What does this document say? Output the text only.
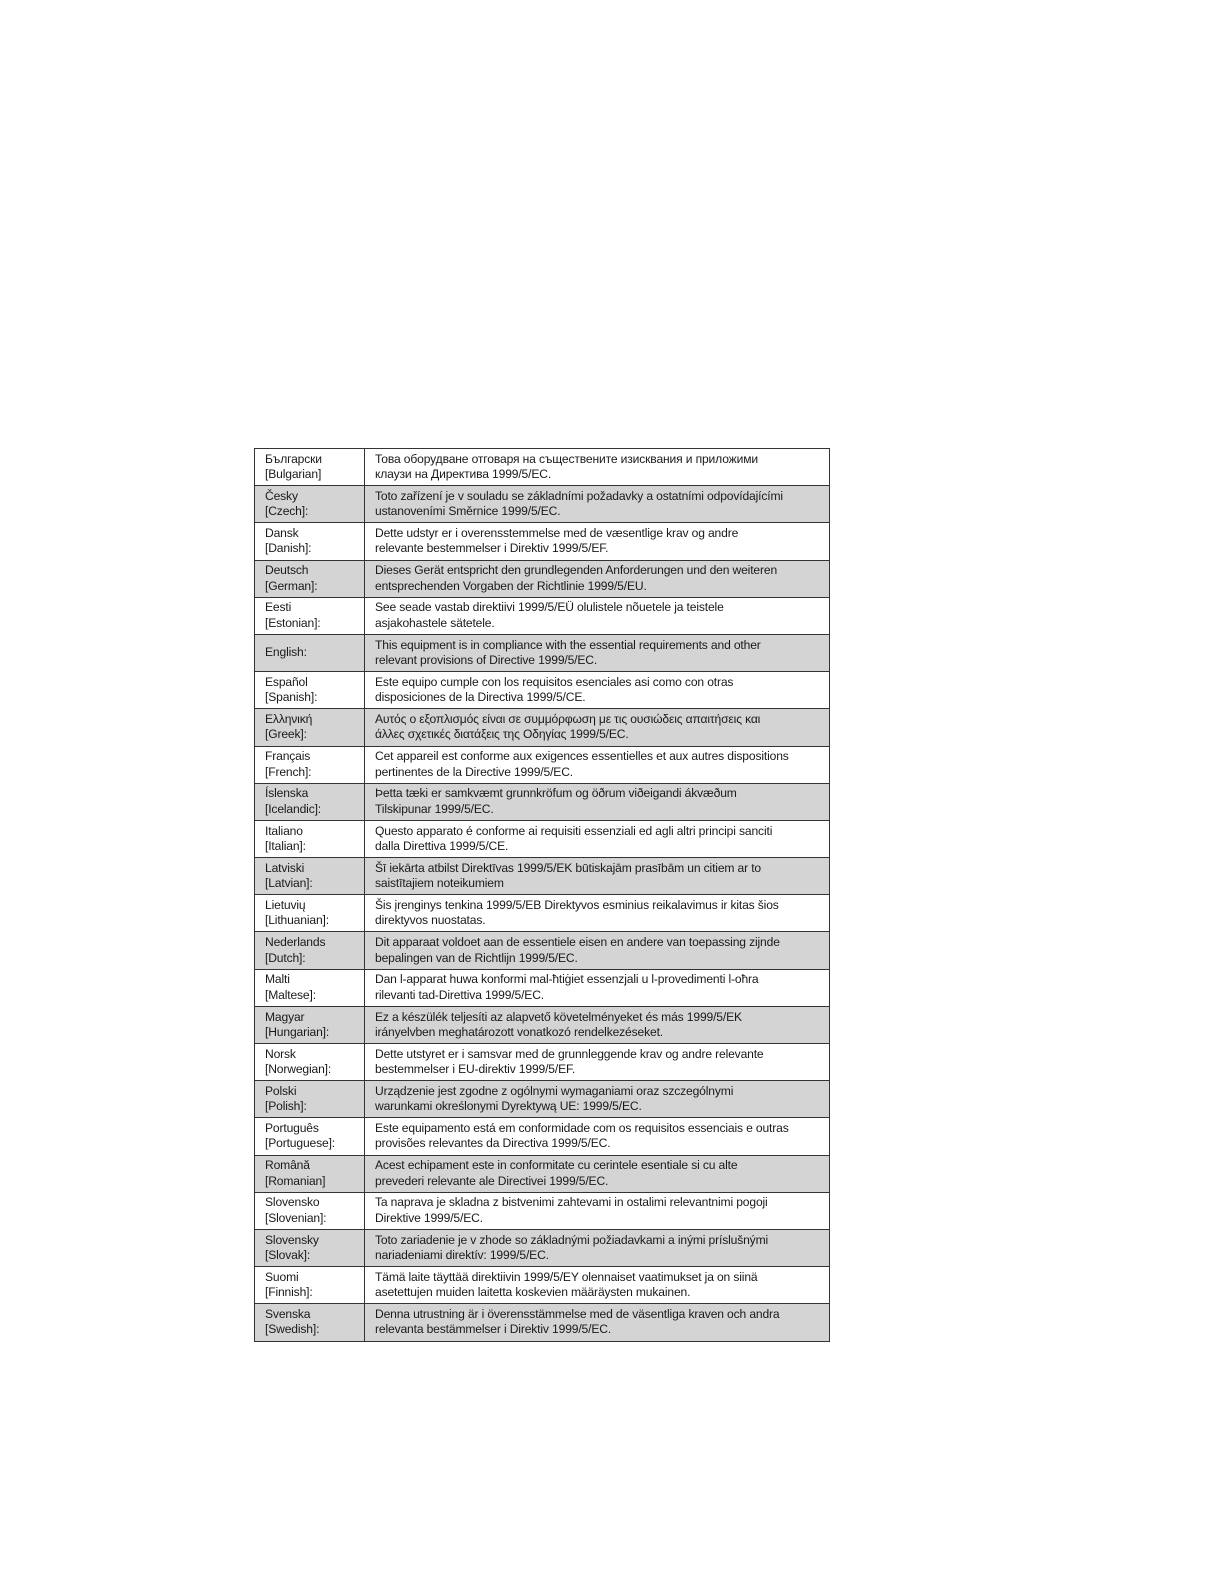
Български
[Bulgarian]	Това оборудване отговаря на съществените изисквания и приложими
клаузи на Директива 1999/5/ЕС.

Česky
[Czech]:	Toto zařízení je v souladu se základními požadavky a ostatními odpovídajícími
ustanoveními Směrnice 1999/5/EC.

Dansk
[Danish]:	Dette udstyr er i overensstemmelse med de væsentlige krav og andre
relevante bestemmelser i Direktiv 1999/5/EF.

Deutsch
[German]:	Dieses Gerät entspricht den grundlegenden Anforderungen und den weiteren
entsprechenden Vorgaben der Richtlinie 1999/5/EU.

Eesti
[Estonian]:	See seade vastab direktiivi 1999/5/EÜ olulistele nõuetele ja teistele
asjakohastele sätetele.

English:	This equipment is in compliance with the essential requirements and other
relevant provisions of Directive 1999/5/EC.

Español
[Spanish]:	Este equipo cumple con los requisitos esenciales asi como con otras
disposiciones de la Directiva 1999/5/CE.

Ελληνική
[Greek]:	Αυτός ο εξοπλισμός είναι σε συμμόρφωση με τις ουσιώδεις απαιτήσεις και
άλλες σχετικές διατάξεις της Οδηγίας 1999/5/EC.

Français
[French]:	Cet appareil est conforme aux exigences essentielles et aux autres dispositions
pertinentes de la Directive 1999/5/EC.

Íslenska
[Icelandic]:	Þetta tæki er samkvæmt grunnkröfum og öðrum viðeigandi ákvæðum
Tilskipunar 1999/5/EC.

Italiano
[Italian]:	Questo apparato é conforme ai requisiti essenziali ed agli altri principi sanciti
dalla Direttiva 1999/5/CE.

Latviski
[Latvian]:	Šī iekārta atbilst Direktīvas 1999/5/EK būtiskajām prasībām un citiem ar to
saistītajiem noteikumiem

Lietuvių
[Lithuanian]:	Šis įrenginys tenkina 1999/5/EB Direktyvos esminius reikalavimus ir kitas šios
direktyvos nuostatas.

Nederlands
[Dutch]:	Dit apparaat voldoet aan de essentiele eisen en andere van toepassing zijnde
bepalingen van de Richtlijn 1999/5/EC.

Malti
[Maltese]:	Dan l-apparat huwa konformi mal-ħtiġiet essenzjali u l-provedimenti l-oħra
rilevanti tad-Direttiva 1999/5/EC.

Magyar
[Hungarian]:	Ez a készülék teljesíti az alapvető követelményeket és más 1999/5/EK
irányelvben meghatározott vonatkozó rendelkezéseket.

Norsk
[Norwegian]:	Dette utstyret er i samsvar med de grunnleggende krav og andre relevante
bestemmelser i EU-direktiv 1999/5/EF.

Polski
[Polish]:	Urządzenie jest zgodne z ogólnymi wymaganiami oraz szczególnymi
warunkami określonymi Dyrektywą UE: 1999/5/EC.

Português
[Portuguese]:	Este equipamento está em conformidade com os requisitos essenciais e outras
provisões relevantes da Directiva 1999/5/EC.

Română
[Romanian]	Acest echipament este in conformitate cu cerintele esentiale si cu alte
prevederi relevante ale Directivei 1999/5/EC.

Slovensko
[Slovenian]:	Ta naprava je skladna z bistvenimi zahtevami in ostalimi relevantnimi pogoji
Direktive 1999/5/EC.

Slovensky
[Slovak]:	Toto zariadenie je v zhode so základnými požiadavkami a inými príslušnými
nariadeniami direktív: 1999/5/EC.

Suomi
[Finnish]:	Tämä laite täyttää direktiivin 1999/5/EY olennaiset vaatimukset ja on siinä
asetettujen muiden laitetta koskevien määräysten mukainen.

Svenska
[Swedish]:	Denna utrustning är i överensstämmelse med de väsentliga kraven och andra
relevanta bestämmelser i Direktiv 1999/5/EC.
